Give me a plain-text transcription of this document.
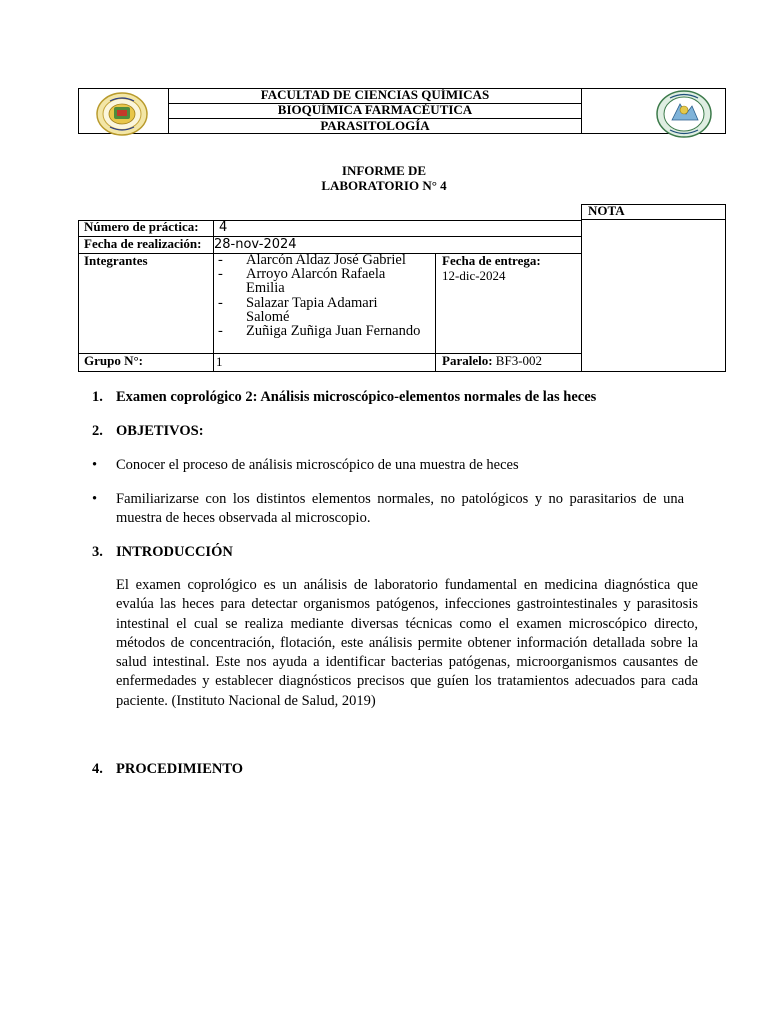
FACULTAD DE CIENCIAS QUÍMICAS
BIOQUÍMICA FARMACÉUTICA
PARASITOLOGÍA
INFORME DE
LABORATORIO N° 4
NOTA
Número de práctica: 4
Fecha de realización: 28-nov-2024
Integrantes	- Alarcón Aldaz José Gabriel
- Arroyo Alarcón Rafaela
Emilia
- Salazar Tapia Adamari
Salomé
- Zuñiga Zuñiga Juan Fernando
Fecha de entrega:
12-dic-2024
Grupo N°:	1	Paralelo: BF3-002
1. Examen coprológico 2: Análisis microscópico-elementos normales de las heces
2. OBJETIVOS:
• Conocer el proceso de análisis microscópico de una muestra de heces
• Familiarizarse con los distintos elementos normales, no patológicos y no parasitarios de una muestra de heces observada al microscopio.
3. INTRODUCCIÓN
El examen coprológico es un análisis de laboratorio fundamental en medicina diagnóstica que evalúa las heces para detectar organismos patógenos, infecciones gastrointestinales y parasitosis intestinal el cual se realiza mediante diversas técnicas como el examen microscópico directo, métodos de concentración, flotación, este análisis permite obtener información detallada sobre la salud intestinal. Este nos ayuda a identificar bacterias patógenas, microorganismos causantes de enfermedades y establecer diagnósticos precisos que guíen los tratamientos adecuados para cada paciente. (Instituto Nacional de Salud, 2019)
4. PROCEDIMIENTO
